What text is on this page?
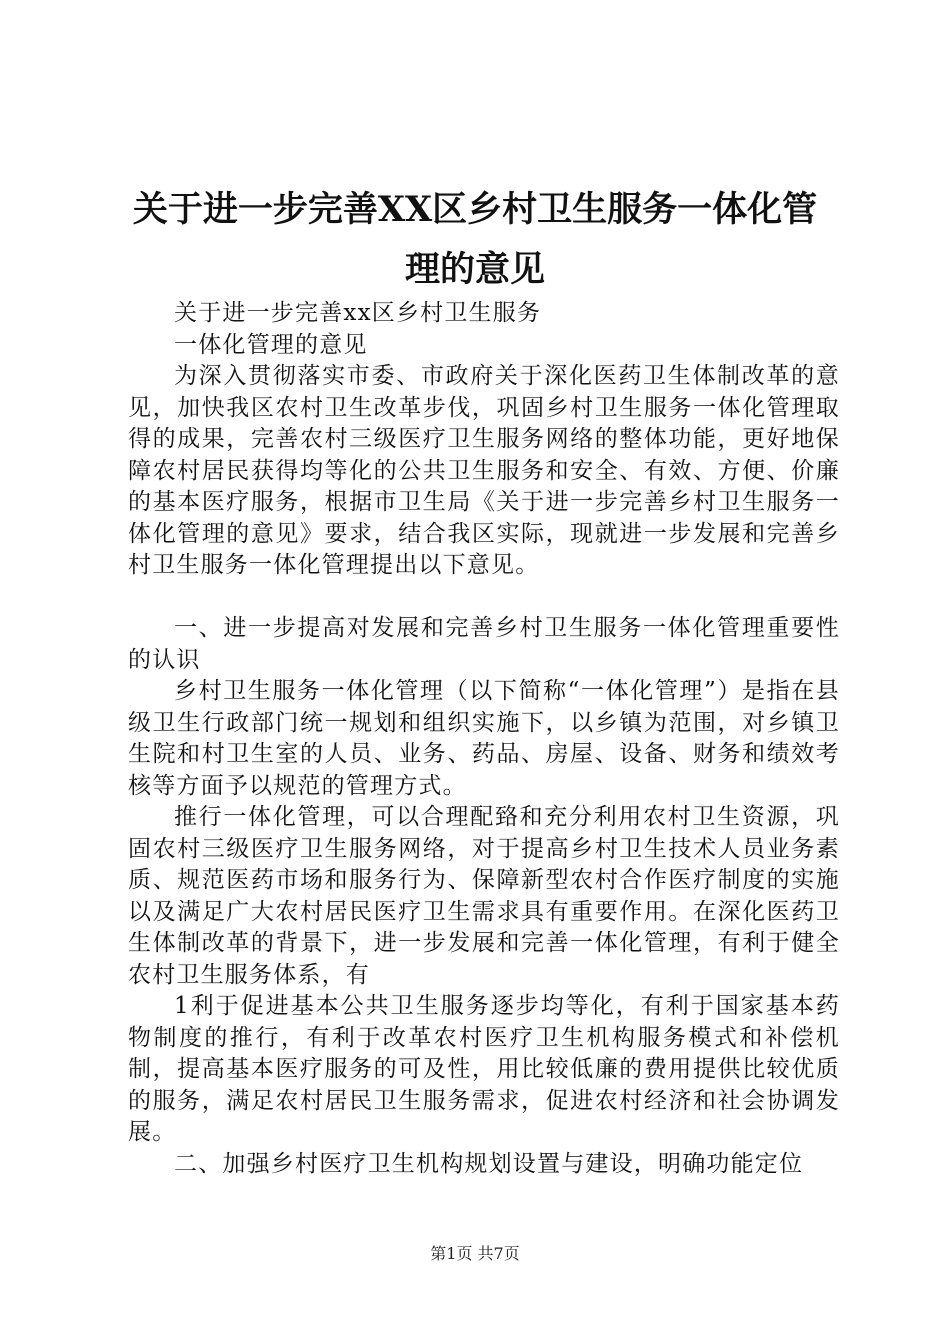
关于进一步完善XX区乡村卫生服务一体化管理的意见

关于进一步完善xx区乡村卫生服务

一体化管理的意见

为深入贯彻落实市委、市政府关于深化医药卫生体制改革的意见，加快我区农村卫生改革步伐，巩固乡村卫生服务一体化管理取得的成果，完善农村三级医疗卫生服务网络的整体功能，更好地保障农村居民获得均等化的公共卫生服务和安全、有效、方便、价廉的基本医疗服务，根据市卫生局《关于进一步完善乡村卫生服务一体化管理的意见》要求，结合我区实际，现就进一步发展和完善乡村卫生服务一体化管理提出以下意见。

一、进一步提高对发展和完善乡村卫生服务一体化管理重要性的认识

乡村卫生服务一体化管理（以下简称“一体化管理”）是指在县级卫生行政部门统一规划和组织实施下，以乡镇为范围，对乡镇卫生院和村卫生室的人员、业务、药品、房屋、设备、财务和绩效考核等方面予以规范的管理方式。

推行一体化管理，可以合理配臵和充分利用农村卫生资源，巩固农村三级医疗卫生服务网络，对于提高乡村卫生技术人员业务素质、规范医药市场和服务行为、保障新型农村合作医疗制度的实施以及满足广大农村居民医疗卫生需求具有重要作用。在深化医药卫生体制改革的背景下，进一步发展和完善一体化管理，有利于健全农村卫生服务体系，有

1利于促进基本公共卫生服务逐步均等化，有利于国家基本药物制度的推行，有利于改革农村医疗卫生机构服务模式和补偿机制，提高基本医疗服务的可及性，用比较低廉的费用提供比较优质的服务，满足农村居民卫生服务需求，促进农村经济和社会协调发展。

二、加强乡村医疗卫生机构规划设置与建设，明确功能定位

第1页 共7页
